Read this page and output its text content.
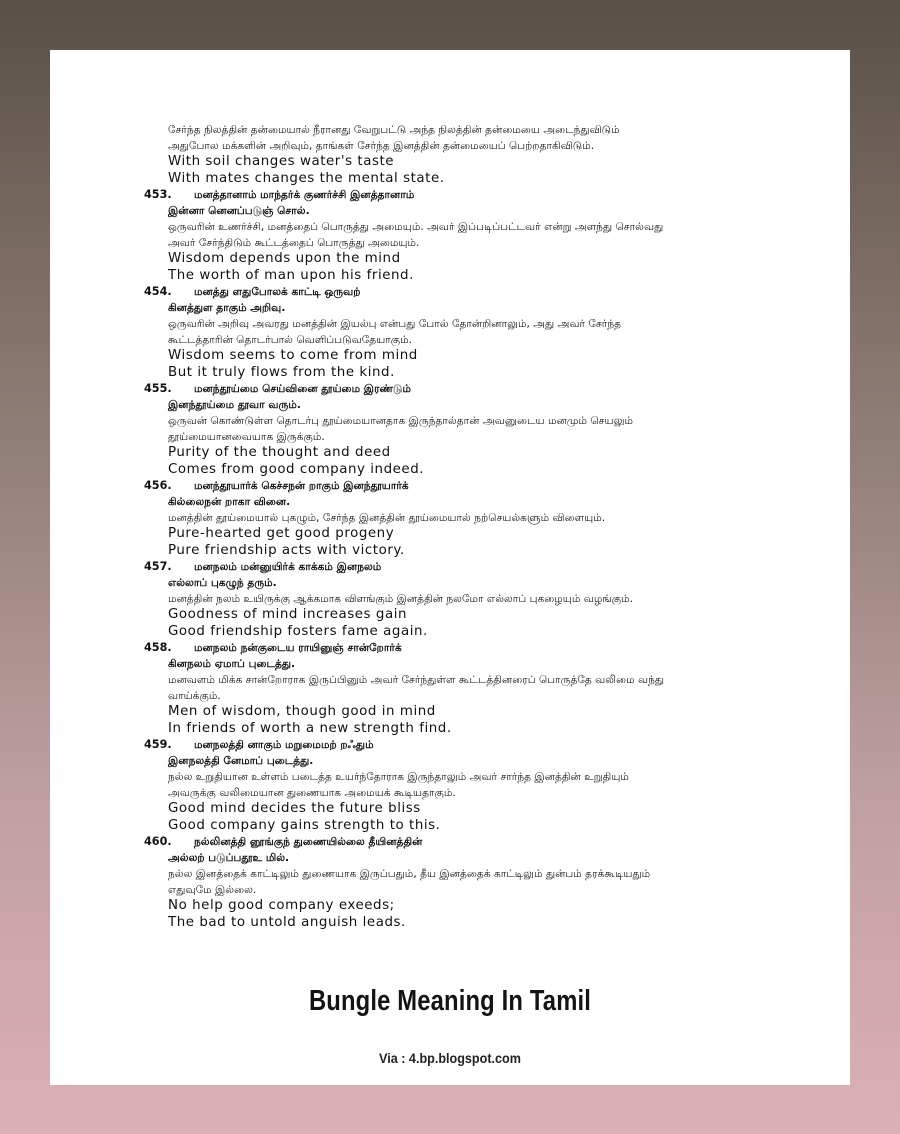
சேர்ந்த நிலத்தின் தன்மையால் நீரானது வேறுபட்டு அந்த நிலத்தின் தன்மையை அடைந்துவிடும்
அதுபோல மக்களின் அறிவும், தாங்கள் சேர்ந்த இனத்தின் தன்மையைப் பெற்றதாகிவிடும்.
With soil changes water's taste
With mates changes the mental state.
453.	மனத்தானாம் மாந்தர்க் குணர்ச்சி இனத்தானாம்
இன்னா னெனப்படுஞ் சொல்.
ஒருவரின் உணர்ச்சி, மனத்தைப் பொருத்து அமையும். அவர் இப்படிப்பட்டவர் என்று அளந்து சொல்வது
அவர் சேர்ந்திடும் கூட்டத்தைப் பொருத்து அமையும்.
Wisdom depends upon the mind
The worth of man upon his friend.
454.	மனத்து ளதுபோலக் காட்டி ஒருவற்
கினத்துள தாகும் அறிவு.
ஒருவரின் அறிவு அவரது மனத்தின் இயல்பு என்பது போல் தோன்றினாலும், அது அவர் சேர்ந்த
கூட்டத்தாரின் தொடர்பால் வெளிப்படுவதேயாகும்.
Wisdom seems to come from mind
But it truly flows from the kind.
455.	மனந்தூய்மை செய்வினை தூய்மை இரண்டும்
இனந்தூய்மை தூவா வரும்.
ஒருவன் கொண்டுள்ள தொடர்பு தூய்மையானதாக இருந்தால்தான் அவனுடைய மனமும் செயலும்
தூய்மையானவையாக இருக்கும்.
Purity of the thought and deed
Comes from good company indeed.
456.	மனந்தூயார்க் கெச்சநன் றாகும் இனந்தூயார்க்
கில்லைநன் றாகா வினை.
மனத்தின் தூய்மையால் புகழும், சேர்ந்த இனத்தின் தூய்மையால் நற்செயல்களும் விளையும்.
Pure-hearted get good progeny
Pure friendship acts with victory.
457.	மனநலம் மன்னுயிர்க் காக்கம் இனநலம்
எல்லாப் புகழுந் தரும்.
மனத்தின் நலம் உயிருக்கு ஆக்கமாக விளங்கும் இனத்தின் நலமோ எல்லாப் புகழையும் வழங்கும்.
Goodness of mind increases gain
Good friendship fosters fame again.
458.	மனநலம் நன்குடைய ராயினுஞ் சான்றோர்க்
கினநலம் ஏமாப் புடைத்து.
மனவளம் மிக்க சான்றோராக இருப்பினும் அவர் சேர்ந்துள்ள கூட்டத்தினரைப் பொருத்தே வலிமை வந்து
வாய்க்கும்.
Men of wisdom, though good in mind
In friends of worth a new strength find.
459.	மனநலத்தி னாகும் மறுமைமற் றஃதும்
இனநலத்தி னேமாப் புடைத்து.
நல்ல உறுதியான உள்ளம் படைத்த உயர்ந்தோராக இருந்தாலும் அவர் சார்ந்த இனத்தின் உறுதியும்
அவருக்கு வலிமையான துணையாக அமையக் கூடியதாகும்.
Good mind decides the future bliss
Good company gains strength to this.
460.	நல்லினத்தி னூங்குந் துணையில்லை தீயினத்தின்
அல்லற் படுப்பதூஉ மில்.
நல்ல இனத்தைக் காட்டிலும் துணையாக இருப்பதும், தீய இனத்தைக் காட்டிலும் துன்பம் தரக்கூடியதும்
எதுவுமே இல்லை.
No help good company exeeds;
The bad to untold anguish leads.
Bungle Meaning In Tamil
Via : 4.bp.blogspot.com
